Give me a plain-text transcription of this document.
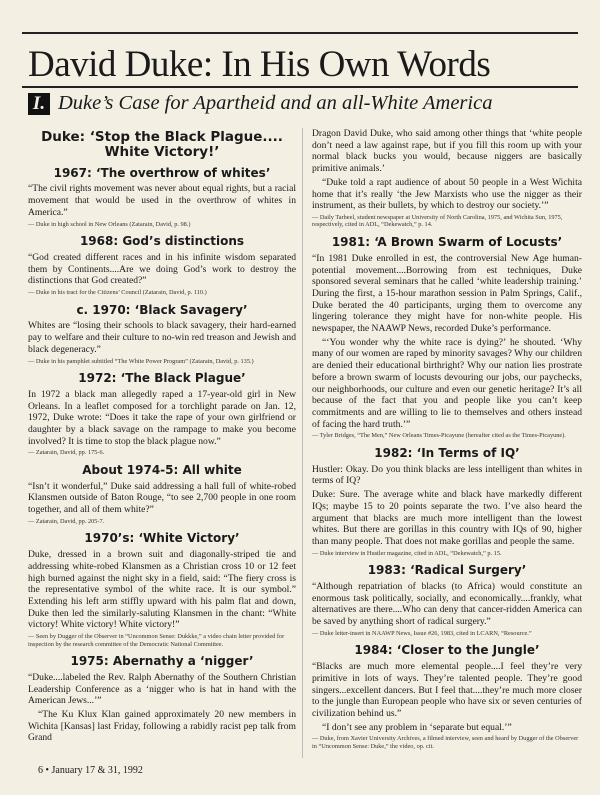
David Duke: In His Own Words
I. Duke’s Case for Apartheid and an all-White America
Duke: ‘Stop the Black Plague.... White Victory!’
1967: ‘The overthrow of whites’

“The civil rights movement was never about equal rights, but a racial movement that would be used in the overthrow of whites in America.”

— Duke in high school in New Orleans (Zatarain, David, p. 98.)
1968: God’s distinctions

“God created different races and in his infinite wisdom separated them by Continents....Are we doing God’s work to destroy the distinctions that God created?”

— Duke in his tract for the Citizens’ Council (Zatarain, David, p. 110.)
c. 1970: ‘Black Savagery’

Whites are “losing their schools to black savagery, their hard-earned pay to welfare and their culture to no-win red treason and Jewish and black degeneracy.”

— Duke in his pamphlet subtitled “The White Power Program” (Zatarain, David, p. 135.)
1972: ‘The Black Plague’

In 1972 a black man allegedly raped a 17-year-old girl in New Orleans. In a leaflet composed for a torchlight parade on Jan. 12, 1972, Duke wrote: “Does it take the rape of your own girlfriend or daughter by a black savage on the rampage to make you become involved? It is time to stop the black plague now.”

— Zatarain, David, pp. 175-6.
About 1974-5: All white

“Isn’t it wonderful,” Duke said addressing a hall full of white-robed Klansmen outside of Baton Rouge, “to see 2,700 people in one room together, and all of them white?”

— Zatarain, David, pp. 205-7.
1970’s: ‘White Victory’

Duke, dressed in a brown suit and diagonally-striped tie and addressing white-robed Klansmen as a Christian cross 10 or 12 feet high burned against the night sky in a field, said: “The fiery cross is the representative symbol of the white race. It is our symbol.” Extending his left arm stiffly upward with his palm flat and down, Duke then led the similarly-saluting Klansmen in the chant: “White victory! White victory! White victory!”

— Seen by Dugger of the Observer in “Uncommon Sense: Dukkke,” a video chain letter provided for inspection by the research committee of the Democratic National Committee.
1975: Abernathy a ‘nigger’

“Duke....labeled the Rev. Ralph Abernathy of the Southern Christian Leadership Conference as a ‘nigger who is hat in hand with the American Jews...’”

“The Ku Klux Klan gained approximately 20 new members in Wichita [Kansas] last Friday, following a rabidly racist pep talk from Grand

Dragon David Duke, who said among other things that ‘white people don’t need a law against rape, but if you fill this room up with your normal black bucks you would, because niggers are basically primitive animals.’

“Duke told a rapt audience of about 50 people in a West Wichita home that it’s really ‘the Jew Marxists who use the nigger as their instrument, as their bullets, by which to destroy our society.’”

— Daily Tarheel, student newspaper at University of North Carolina, 1975, and Wichita Sun, 1975, respectively, cited in ADL, “Dekewatch,” p. 14.
1981: ‘A Brown Swarm of Locusts’

“In 1981 Duke enrolled in est, the controversial New Age human-potential movement....Borrowing from est techniques, Duke sponsored several seminars that he called ‘white leadership training.’ During the first, a 15-hour marathon session in Palm Springs, Calif., Duke berated the 40 participants, urging them to overcome any lingering tolerance they might have for non-white people. His newspaper, the NAAWP News, recorded Duke’s performance.

“‘You wonder why the white race is dying?’ he shouted. ‘Why many of our women are raped by minority savages? Why our children are denied their educational birthright? Why our nation lies prostrate before a brown swarm of locusts devouring our jobs, our paychecks, our neighborhoods, our culture and even our genetic heritage? It’s all because of the fact that you and people like you can’t keep commitments and are willing to lie to themselves and others instead of facing the hard truth.’”

— Tyler Bridges, “The Men,” New Orleans Times-Picayune (hereafter cited as the Times-Picayune).
1982: ‘In Terms of IQ’

Hustler: Okay. Do you think blacks are less intelligent than whites in terms of IQ?

Duke: Sure. The average white and black have markedly different IQs; maybe 15 to 20 points separate the two. I’ve also heard the argument that blacks are much more intelligent than the lowest whites. But there are gorillas in this country with IQs of 90, higher than many people. That does not make gorillas and people the same.

— Duke interview in Hustler magazine, cited in ADL, “Dekewatch,” p. 15.
1983: ‘Radical Surgery’

“Although repatriation of blacks (to Africa) would constitute an enormous task politically, socially, and economically....frankly, what alternatives are there....Who can deny that cancer-ridden America can be saved by anything short of radical surgery.”

— Duke letter-insert in NAAWP News, Issue #26, 1983, cited in LCARN, “Resource.”
1984: ‘Closer to the Jungle’

“Blacks are much more elemental people....I feel they’re very primitive in lots of ways. They’re talented people. They’re good singers...excellent dancers. But I feel that....they’re much more closer to the jungle than European people who have six or seven centuries of civilization behind us.”

“I don’t see any problem in ‘separate but equal.’”

— Duke, from Xavier University Archives, a filmed interview, seen and heard by Dugger of the Observer in “Uncommon Sense: Duke,” the video, op. cit.
6 • January 17 & 31, 1992
